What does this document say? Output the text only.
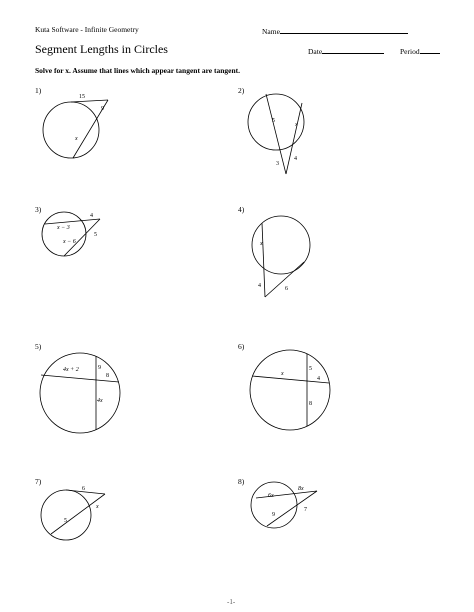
Kuta Software - Infinite Geometry	Name
Segment Lengths in Circles	Date	Period
Solve for x. Assume that lines which appear tangent are tangent.
1)	2)
3)	4)
5)	6)
7)	8)
15
9
x
5
x
3
4
x − 3
4
x − 6
5
x
4	6
4x + 2	9
8
4x
x
5
4
8
6
x
5
8x
6x
9
7
-1-
